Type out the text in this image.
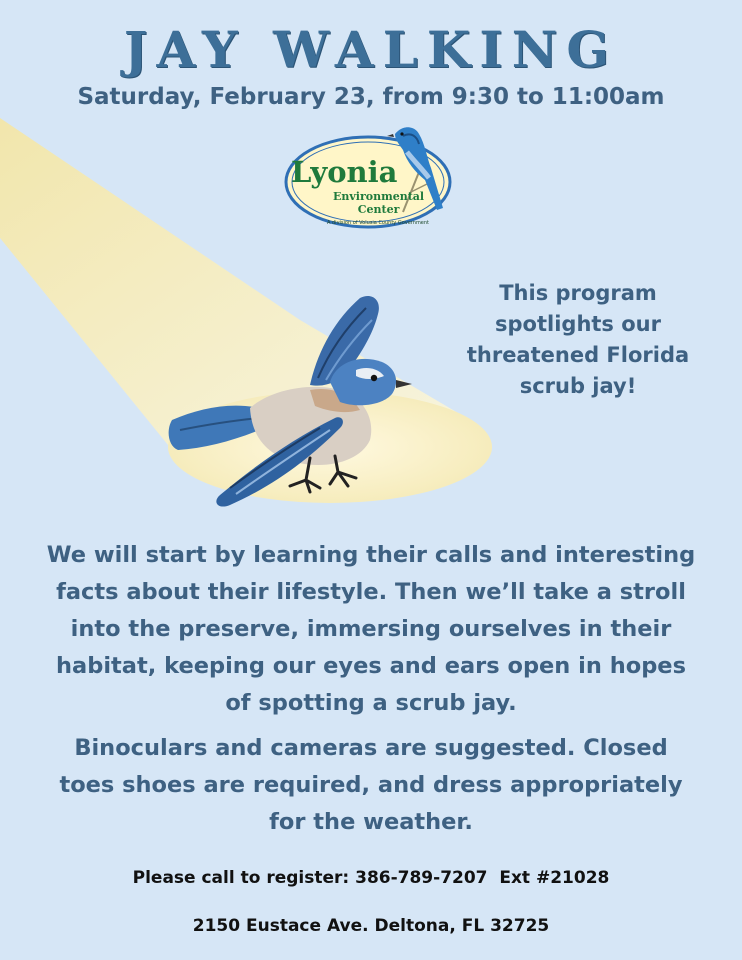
JAY WALKING
Saturday, February 23, from 9:30 to 11:00am
Lyonia
Environmental
Center
A division of Volusia County Government
This program
spotlights our
threatened Florida
scrub jay!
We will start by learning their calls and interesting
facts about their lifestyle. Then we’ll take a stroll
into the preserve, immersing ourselves in their
habitat, keeping our eyes and ears open in hopes
of spotting a scrub jay.
Binoculars and cameras are suggested. Closed
toes shoes are required, and dress appropriately
for the weather.
Please call to register: 386-789-7207  Ext #21028
2150 Eustace Ave. Deltona, FL 32725
